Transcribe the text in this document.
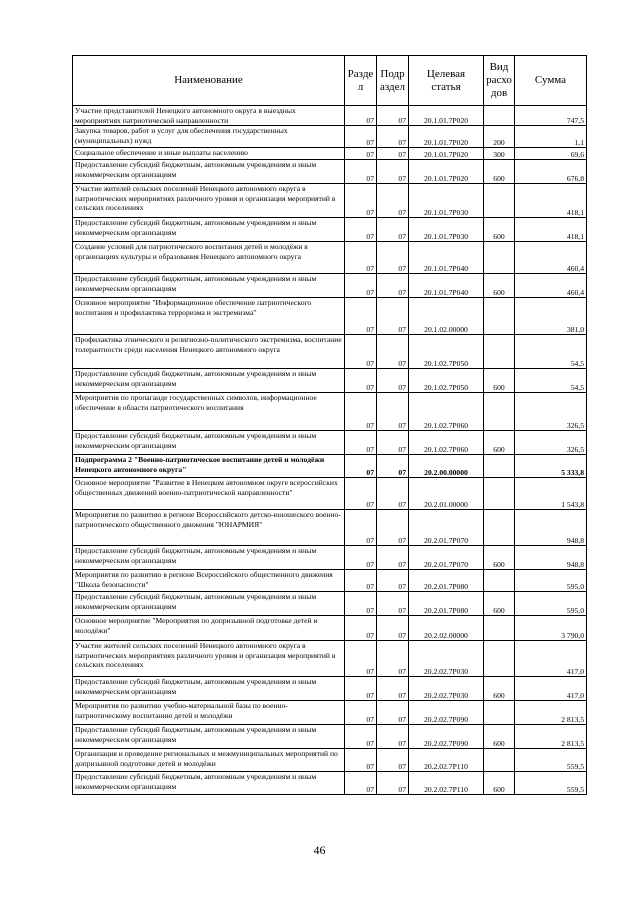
Наименование	Разде л	Подр аздел	Целевая статья	Вид расхо дов	Сумма
Участие представителей Ненецкого автономного округа в выездных мероприятиях патриотической направленности	07	07	20.1.01.7Р020		747,5
Закупка товаров, работ и услуг для обеспечения государственных (муниципальных) нужд	07	07	20.1.01.7Р020	200	1,1
Социальное обеспечение и иные выплаты населению	07	07	20.1.01.7Р020	300	69,6
Предоставление субсидий бюджетным, автономным учреждениям и иным некоммерческим организациям	07	07	20.1.01.7Р020	600	676,8
Участие жителей сельских поселений Ненецкого автономного округа в патриотических мероприятиях различного уровня и организация мероприятий в сельских поселениях	07	07	20.1.01.7Р030		418,1
Предоставление субсидий бюджетным, автономным учреждениям и иным некоммерческим организациям	07	07	20.1.01.7Р030	600	418,1
Создание условий для патриотического воспитания детей и молодёжи в организациях культуры и образования Ненецкого автономного округа	07	07	20.1.01.7Р040		460,4
Предоставление субсидий бюджетным, автономным учреждениям и иным некоммерческим организациям	07	07	20.1.01.7Р040	600	460,4
Основное мероприятие "Информационное обеспечение патриотического воспитания и профилактика терроризма и экстремизма"	07	07	20.1.02.00000		381,0
Профилактика этнического и религиозно-политического экстремизма, воспитание толерантности среди населения Ненецкого автономного округа	07	07	20.1.02.7Р050		54,5
Предоставление субсидий бюджетным, автономным учреждениям и иным некоммерческим организациям	07	07	20.1.02.7Р050	600	54,5
Мероприятия по пропаганде государственных символов, информационное обеспечение в области патриотического воспитания	07	07	20.1.02.7Р060		326,5
Предоставление субсидий бюджетным, автономным учреждениям и иным некоммерческим организациям	07	07	20.1.02.7Р060	600	326,5
Подпрограмма 2 "Военно-патриотическое воспитание детей и молодёжи Ненецкого автономного округа"	07	07	20.2.00.00000		5 333,8
Основное мероприятие "Развитие в Ненецком автономном округе всероссийских общественных движений военно-патриотической направленности"	07	07	20.2.01.00000		1 543,8
Мероприятия по развитию в регионе Всероссийского детско-юношеского военно-патриотического общественного движения "ЮНАРМИЯ"	07	07	20.2.01.7Р070		948,8
Предоставление субсидий бюджетным, автономным учреждениям и иным некоммерческим организациям	07	07	20.2.01.7Р070	600	948,8
Мероприятия по развитию в регионе Всероссийского общественного движения "Школа безопасности"	07	07	20.2.01.7Р080		595,0
Предоставление субсидий бюджетным, автономным учреждениям и иным некоммерческим организациям	07	07	20.2.01.7Р080	600	595,0
Основное мероприятие "Мероприятия по допризывной подготовке детей и молодёжи"	07	07	20.2.02.00000		3 790,0
Участие жителей сельских поселений Ненецкого автономного округа в патриотических мероприятиях различного уровня и организация мероприятий в сельских поселениях	07	07	20.2.02.7Р030		417,0
Предоставление субсидий бюджетным, автономным учреждениям и иным некоммерческим организациям	07	07	20.2.02.7Р030	600	417,0
Мероприятия по развитию учебно-материальной базы по военно-патриотическому воспитанию детей и молодёжи	07	07	20.2.02.7Р090		2 813,5
Предоставление субсидий бюджетным, автономным учреждениям и иным некоммерческим организациям	07	07	20.2.02.7Р090	600	2 813,5
Организация и проведение региональных и межмуниципальных мероприятий по допризывной подготовке детей и молодёжи	07	07	20.2.02.7Р110		559,5
Предоставление субсидий бюджетным, автономным учреждениям и иным некоммерческим организациям	07	07	20.2.02.7Р110	600	559,5
46
